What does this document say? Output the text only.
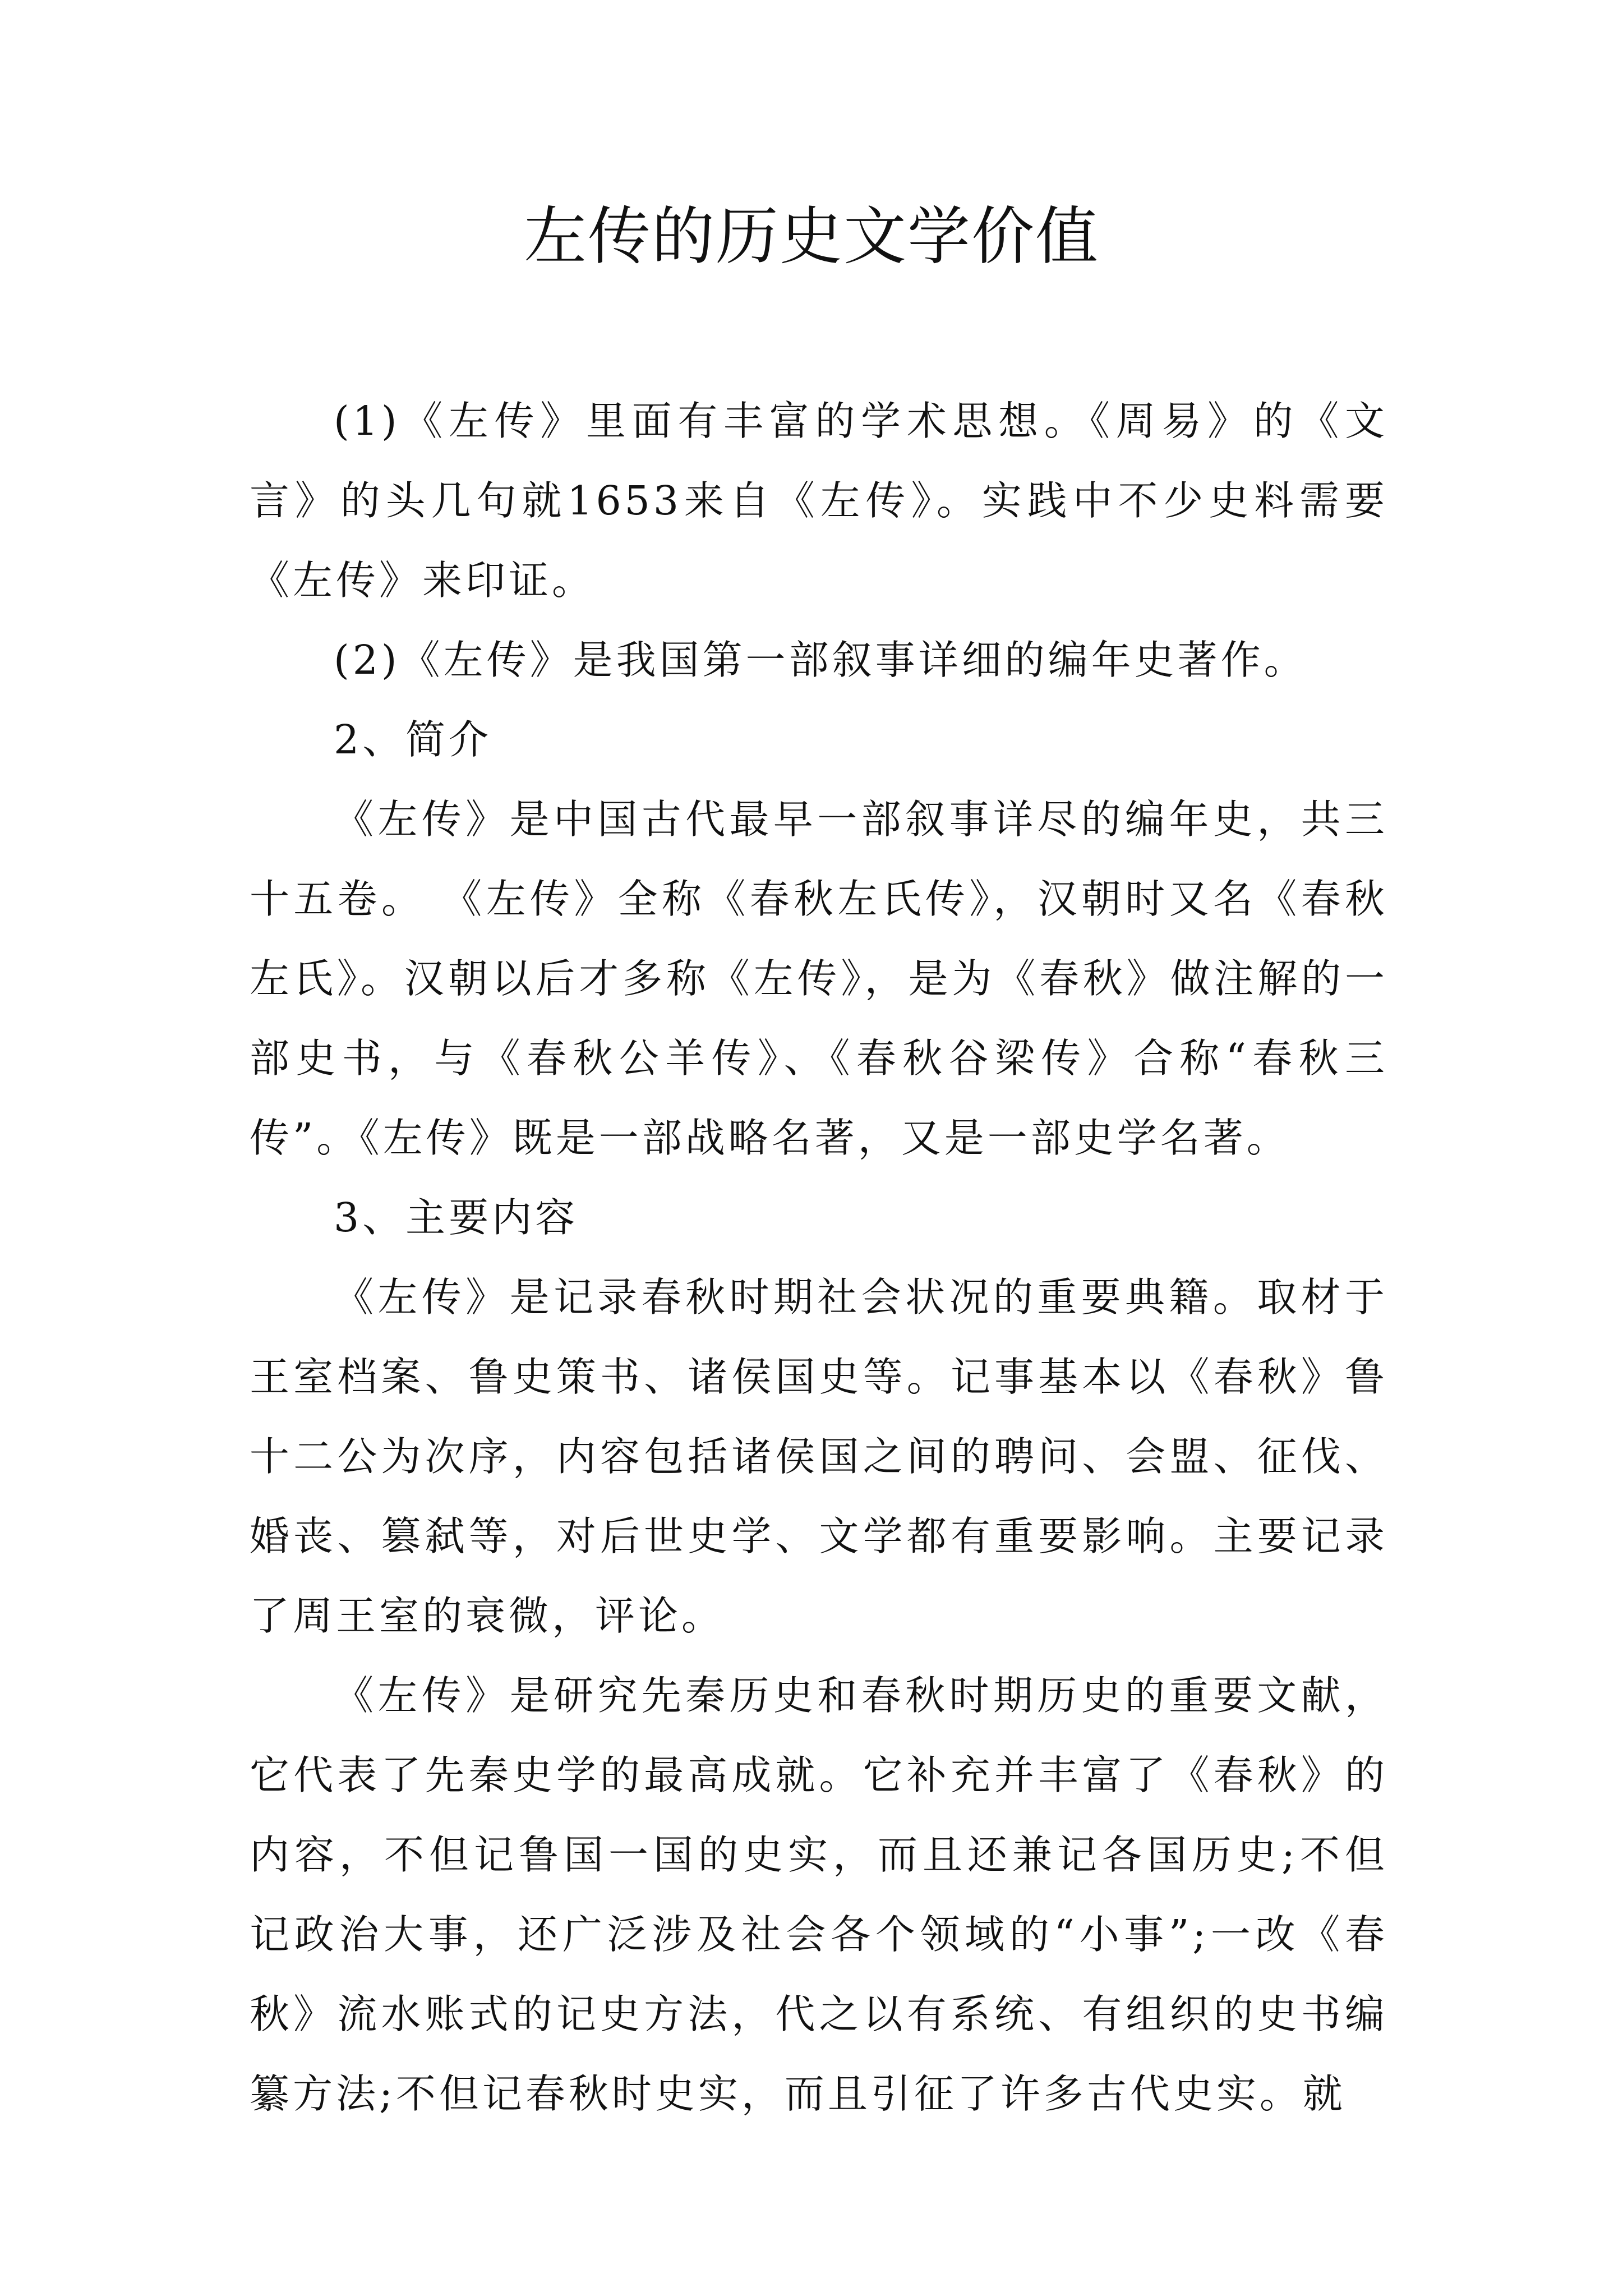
左传的历史文学价值

(1)《左传》里面有丰富的学术思想。《周易》的《文言》的头几句就1653来自《左传》。实践中不少史料需要《左传》来印证。

(2)《左传》是我国第一部叙事详细的编年史著作。

2、简介

《左传》是中国古代最早一部叙事详尽的编年史，共三十五卷。 《左传》全称《春秋左氏传》，汉朝时又名《春秋左氏》。汉朝以后才多称《左传》，是为《春秋》做注解的一部史书，与《春秋公羊传》、《春秋谷梁传》合称“春秋三传”。《左传》既是一部战略名著，又是一部史学名著。

3、主要内容

《左传》是记录春秋时期社会状况的重要典籍。取材于王室档案、鲁史策书、诸侯国史等。记事基本以《春秋》鲁十二公为次序，内容包括诸侯国之间的聘问、会盟、征伐、婚丧、篡弑等，对后世史学、文学都有重要影响。主要记录了周王室的衰微，评论。

《左传》是研究先秦历史和春秋时期历史的重要文献，它代表了先秦史学的最高成就。它补充并丰富了《春秋》的内容，不但记鲁国一国的史实，而且还兼记各国历史;不但记政治大事，还广泛涉及社会各个领域的“小事”;一改《春秋》流水账式的记史方法，代之以有系统、有组织的史书编纂方法;不但记春秋时史实，而且引征了许多古代史实。就
